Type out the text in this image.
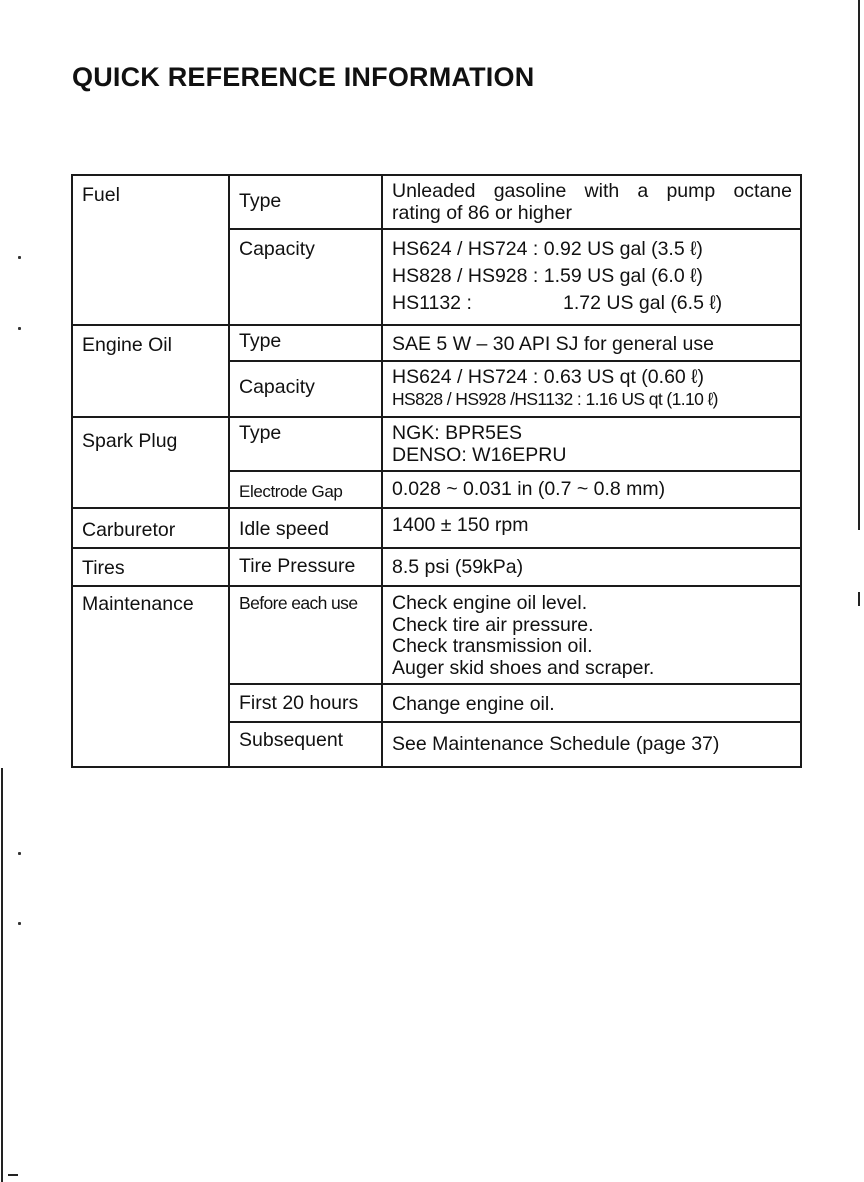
QUICK REFERENCE INFORMATION
Fuel	Type	Unleaded gasoline with a pump octane
rating of 86 or higher

	Capacity	HS624 / HS724 : 0.92 US gal (3.5 ℓ)
HS828 / HS928 : 1.59 US gal (6.0 ℓ)
HS1132 : 1.72 US gal (6.5 ℓ)

Engine Oil	Type	SAE 5 W – 30 API SJ for general use
	Capacity	HS624 / HS724 : 0.63 US qt (0.60 ℓ)
HS828 / HS928 /HS1132 : 1.16 US qt (1.10 ℓ)

Spark Plug	Type	NGK: BPR5ES
DENSO: W16EPRU

	Electrode Gap	0.028 ~ 0.031 in (0.7 ~ 0.8 mm)
Carburetor	Idle speed	1400 ± 150 rpm
Tires	Tire Pressure	8.5 psi (59kPa)
Maintenance	Before each use	Check engine oil level.
Check tire air pressure.
Check transmission oil.
Auger skid shoes and scraper.

	First 20 hours	Change engine oil.
	Subsequent	See Maintenance Schedule (page 37)
